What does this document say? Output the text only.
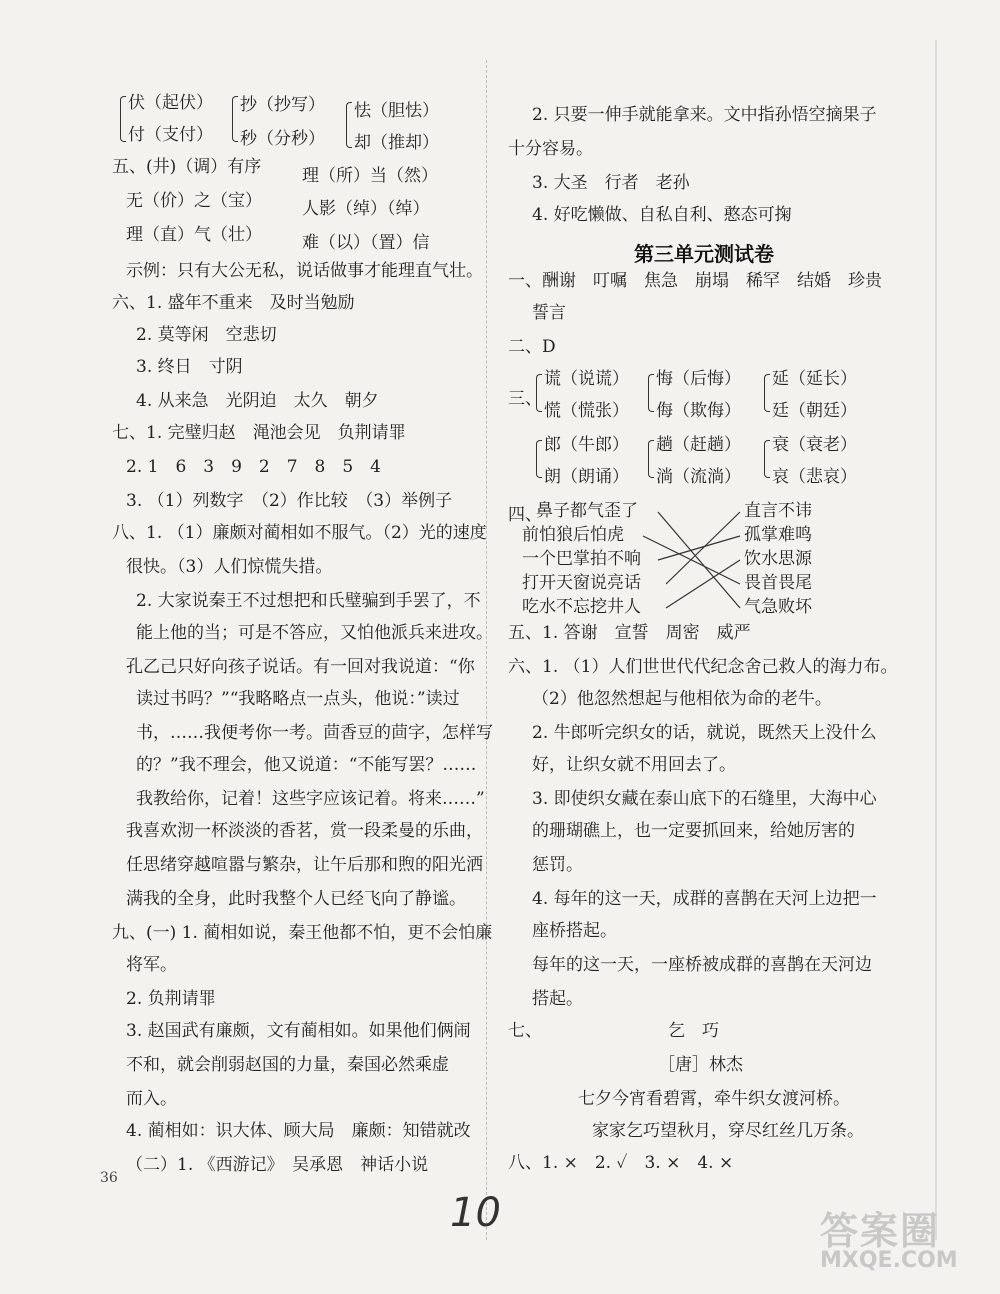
伏（起伏）
付（支付）
抄（抄写）
秒（分秒）
怯（胆怯）
却（推却）
五、(井)（调）有序 理（所）当（然）
无（价）之（宝） 人影（绰）（绰）
理（直）气（壮） 难（以）（置）信
示例：只有大公无私，说话做事才能理直气壮。
六、1. 盛年不重来　及时当勉励
2. 莫等闲　空悲切
3. 终日　寸阴
4. 从来急　光阴迫　太久　朝夕
七、1. 完璧归赵　渑池会见　负荆请罪
2. 1　6　3　9　2　7　8　5　4
3. （1）列数字　（2）作比较　（3）举例子
八、1. （1）廉颇对蔺相如不服气。（2）光的速度
很快。（3）人们惊慌失措。
2. 大家说秦王不过想把和氏璧骗到手罢了，不
能上他的当；可是不答应，又怕他派兵来进攻。
孔乙己只好向孩子说话。有一回对我说道：“你
读过书吗？”“我略略点一点头，他说：”读过
书，……我便考你一考。茴香豆的茴字，怎样写
的？”我不理会，他又说道：“不能写罢？……
我教给你，记着！这些字应该记着。将来……”
我喜欢沏一杯淡淡的香茗，赏一段柔曼的乐曲，
任思绪穿越喧嚣与繁杂，让午后那和煦的阳光洒
满我的全身，此时我整个人已经飞向了静谧。
九、(一) 1. 蔺相如说，秦王他都不怕，更不会怕廉
将军。
2. 负荆请罪
3. 赵国武有廉颇，文有蔺相如。如果他们俩闹
不和，就会削弱赵国的力量，秦国必然乘虚
而入。
4. 蔺相如：识大体、顾大局　廉颇：知错就改
（二）1. 《西游记》　吴承恩　神话小说
2. 只要一伸手就能拿来。文中指孙悟空摘果子
十分容易。
3. 大圣　行者　老孙
4. 好吃懒做、自私自利、憨态可掬
第三单元测试卷
一、酬谢　叮嘱　焦急　崩塌　稀罕　结婚　珍贵
誓言
二、D
三、
谎（说谎）
慌（慌张）
悔（后悔）
侮（欺侮）
延（延长）
廷（朝廷）
郎（牛郎）
朗（朗诵）
趟（赶趟）
淌（流淌）
衰（衰老）
哀（悲哀）
四、
鼻子都气歪了
前怕狼后怕虎
一个巴掌拍不响
打开天窗说亮话
吃水不忘挖井人
直言不讳
孤掌难鸣
饮水思源
畏首畏尾
气急败坏
五、1. 答谢　宣誓　周密　威严
六、1. （1）人们世世代代纪念舍己救人的海力布。
（2）他忽然想起与他相依为命的老牛。
2. 牛郎听完织女的话，就说，既然天上没什么
好，让织女就不用回去了。
3. 即使织女藏在泰山底下的石缝里，大海中心
的珊瑚礁上，也一定要抓回来，给她厉害的
惩罚。
4. 每年的这一天，成群的喜鹊在天河上边把一
座桥搭起。
每年的这一天，一座桥被成群的喜鹊在天河边
搭起。
七、	乞　巧
［唐］林杰
七夕今宵看碧霄，牵牛织女渡河桥。
家家乞巧望秋月，穿尽红丝几万条。
八、1. ×　2. ✓　3. ×　4. ×
36
10	答案圈
MXQE.COM
